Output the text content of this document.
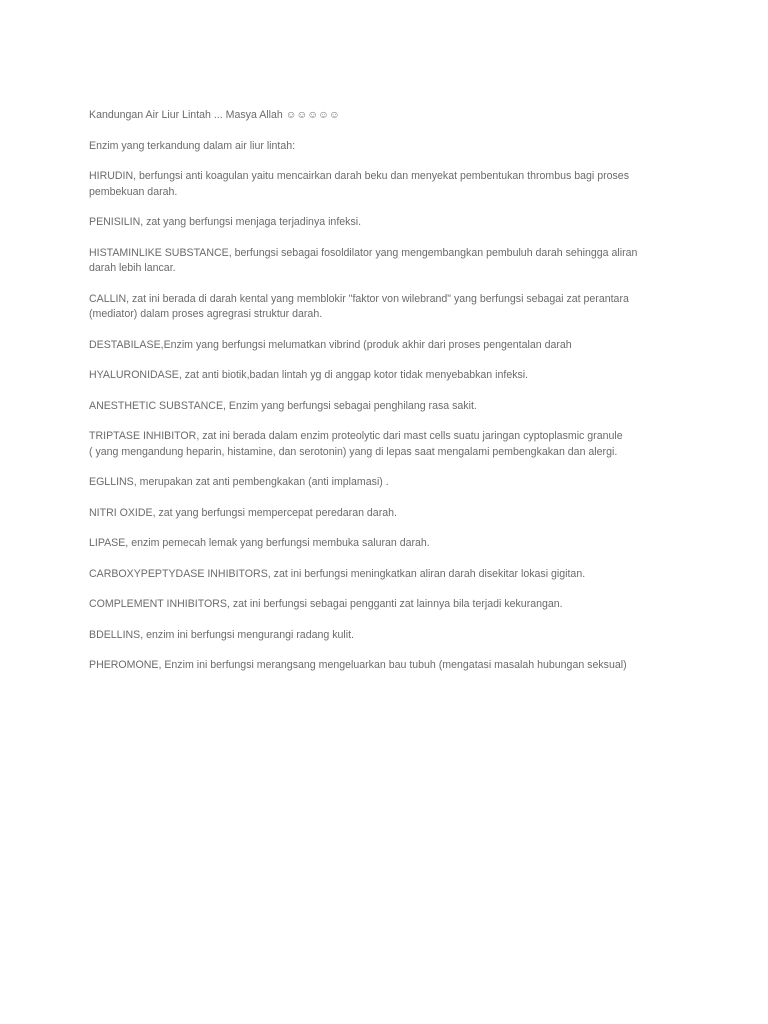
Kandungan Air Liur Lintah ... Masya Allah ☺☺☺☺☺

Enzim yang terkandung dalam air liur lintah:

HIRUDIN, berfungsi anti koagulan yaitu mencairkan darah beku dan menyekat pembentukan thrombus bagi proses
pembekuan darah.

PENISILIN, zat yang berfungsi menjaga terjadinya infeksi.

HISTAMINLIKE SUBSTANCE, berfungsi sebagai fosoldilator yang mengembangkan pembuluh darah sehingga aliran
darah lebih lancar.

CALLIN, zat ini berada di darah kental yang memblokir "faktor von wilebrand" yang berfungsi sebagai zat perantara
(mediator) dalam proses agregrasi struktur darah.

DESTABILASE,Enzim yang berfungsi melumatkan vibrind (produk akhir dari proses pengentalan darah

HYALURONIDASE, zat anti biotik,badan lintah yg di anggap kotor tidak menyebabkan infeksi.

ANESTHETIC SUBSTANCE, Enzim yang berfungsi sebagai penghilang rasa sakit.

TRIPTASE INHIBITOR, zat ini berada dalam enzim proteolytic dari mast cells suatu jaringan cyptoplasmic granule
( yang mengandung heparin, histamine, dan serotonin) yang di lepas saat mengalami pembengkakan dan alergi.

EGLLINS, merupakan zat anti pembengkakan (anti implamasi) .

NITRI OXIDE, zat yang berfungsi mempercepat peredaran darah.

LIPASE, enzim pemecah lemak yang berfungsi membuka saluran darah.

CARBOXYPEPTYDASE INHIBITORS, zat ini berfungsi meningkatkan aliran darah disekitar lokasi gigitan.

COMPLEMENT INHIBITORS, zat ini berfungsi sebagai pengganti zat lainnya bila terjadi kekurangan.

BDELLINS, enzim ini berfungsi mengurangi radang kulit.

PHEROMONE, Enzim ini berfungsi merangsang mengeluarkan bau tubuh (mengatasi masalah hubungan seksual)
